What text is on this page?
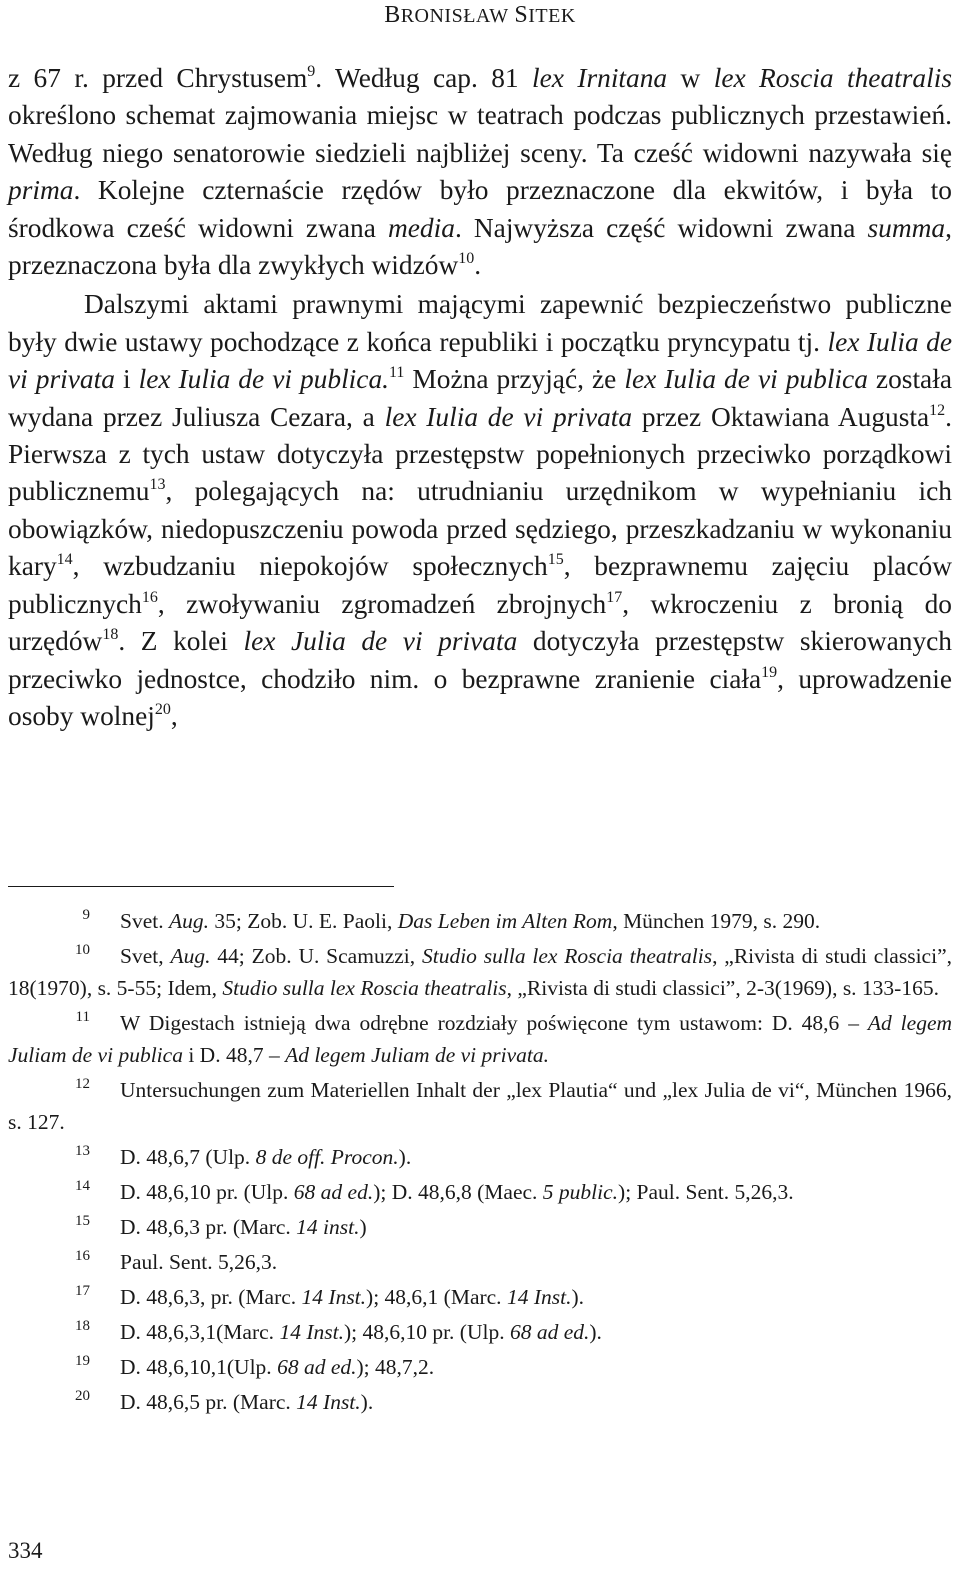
BRONISŁAW SITEK

z 67 r. przed Chrystusem$^9$. Według cap. 81 lex Irnitana w lex Roscia theatralis określono schemat zajmowania miejsc w teatrach podczas publicznych przestawień. Według niego senatorowie siedzieli najbliżej sceny. Ta cześć widowni nazywała się prima. Kolejne czternaście rzędów było przeznaczone dla ekwitów, i była to środkowa cześć widowni zwana media. Najwyższa część widowni zwana summa, przeznaczona była dla zwykłych widzów$^{10}$.

Dalszymi aktami prawnymi mającymi zapewnić bezpieczeństwo publiczne były dwie ustawy pochodzące z końca republiki i początku pryncypatu tj. lex Iulia de vi privata i lex Iulia de vi publica.$^{11}$ Można przyjąć, że lex Iulia de vi publica została wydana przez Juliusza Cezara, a lex Iulia de vi privata przez Oktawiana Augusta$^{12}$. Pierwsza z tych ustaw dotyczyła przestępstw popełnionych przeciwko porządkowi publicznemu$^{13}$, polegających na: utrudnianiu urzędnikom w wypełnianiu ich obowiązków, niedopuszczeniu powoda przed sędziego, przeszkadzaniu w wykonaniu kary$^{14}$, wzbudzaniu niepokojów społecznych$^{15}$, bezprawnemu zajęciu placów publicznych$^{16}$, zwoływaniu zgromadzeń zbrojnych$^{17}$, wkroczeniu z bronią do urzędów$^{18}$. Z kolei lex Julia de vi privata dotyczyła przestępstw skierowanych przeciwko jednostce, chodziło nim. o bezprawne zranienie ciała$^{19}$, uprowadzenie osoby wolnej$^{20}$,

$^9$ Svet. Aug. 35; Zob. U. E. Paoli, Das Leben im Alten Rom, München 1979, s. 290.
$^{10}$ Svet, Aug. 44; Zob. U. Scamuzzi, Studio sulla lex Roscia theatralis, „Rivista di studi classici”, 18(1970), s. 5-55; Idem, Studio sulla lex Roscia theatralis, „Rivista di studi classici”, 2-3(1969), s. 133-165.
$^{11}$ W Digestach istnieją dwa odrębne rozdziały poświęcone tym ustawom: D. 48,6 – Ad legem Juliam de vi publica i D. 48,7 – Ad legem Juliam de vi privata.
$^{12}$ Untersuchungen zum Materiellen Inhalt der „lex Plautia“ und „lex Julia de vi“, München 1966, s. 127.
$^{13}$ D. 48,6,7 (Ulp. 8 de off. Procon.).
$^{14}$ D. 48,6,10 pr. (Ulp. 68 ad ed.); D. 48,6,8 (Maec. 5 public.); Paul. Sent. 5,26,3.
$^{15}$ D. 48,6,3 pr. (Marc. 14 inst.)
$^{16}$ Paul. Sent. 5,26,3.
$^{17}$ D. 48,6,3, pr. (Marc. 14 Inst.); 48,6,1 (Marc. 14 Inst.).
$^{18}$ D. 48,6,3,1(Marc. 14 Inst.); 48,6,10 pr. (Ulp. 68 ad ed.).
$^{19}$ D. 48,6,10,1(Ulp. 68 ad ed.); 48,7,2.
$^{20}$ D. 48,6,5 pr. (Marc. 14 Inst.).
334
